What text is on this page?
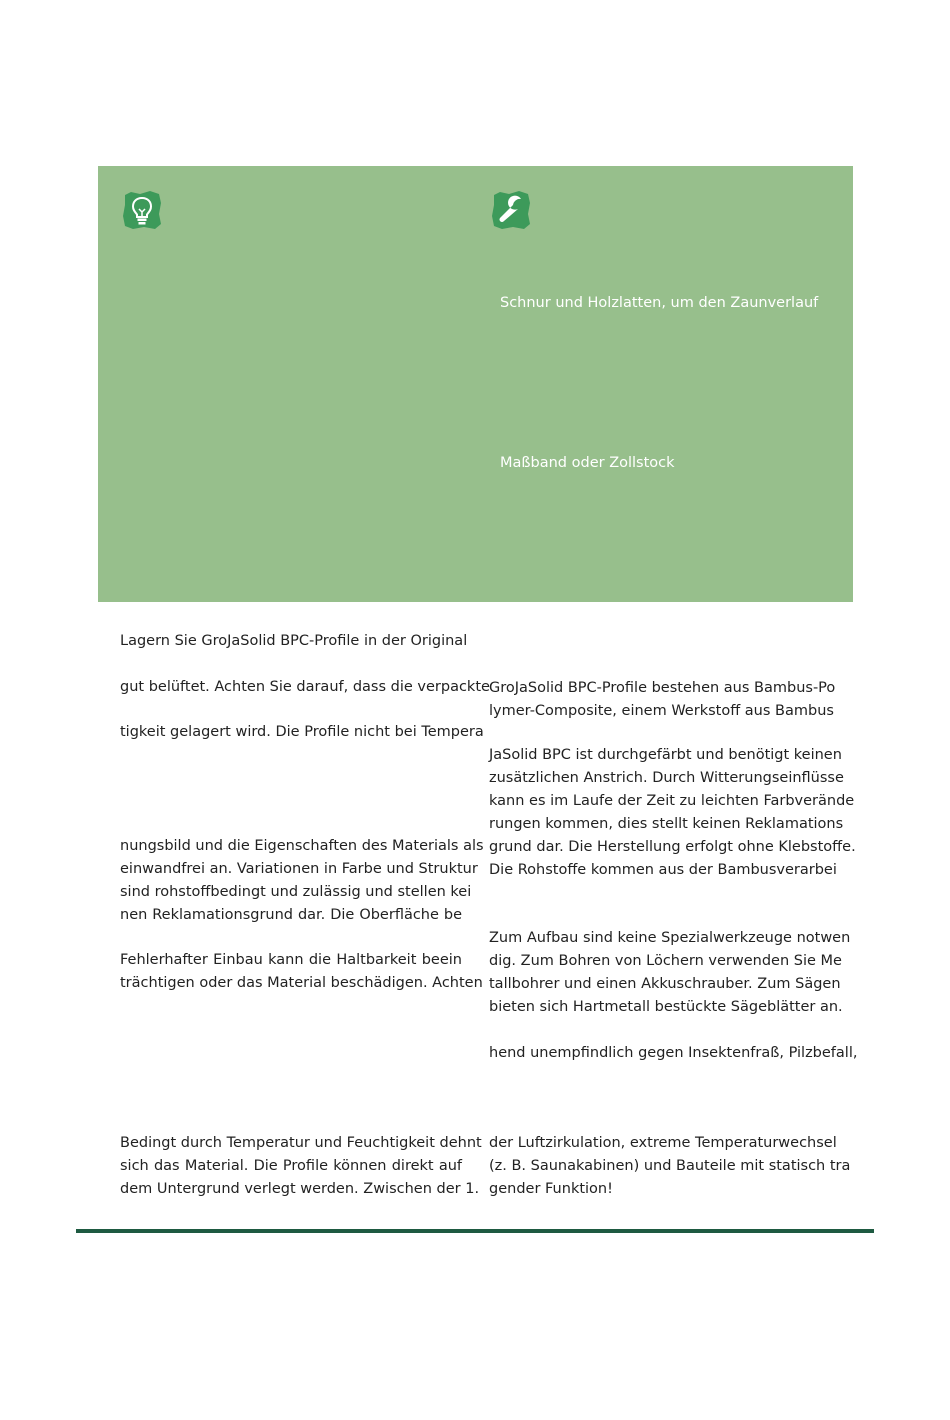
Schnur und Holzlatten, um den Zaunverlauf
Maßband oder Zollstock
Lagern Sie GroJaSolid BPC-Profile in der Original
gut belüftet. Achten Sie darauf, dass die verpackte
tigkeit gelagert wird. Die Profile nicht bei Tempera
nungsbild und die Eigenschaften des Materials als
einwandfrei an. Variationen in Farbe und Struktur
sind rohstoffbedingt und zulässig und stellen kei
nen Reklamationsgrund dar. Die Oberfläche be
Fehlerhafter Einbau kann die Haltbarkeit beein
trächtigen oder das Material beschädigen. Achten
Bedingt durch Temperatur und Feuchtigkeit dehnt
sich das Material. Die Profile können direkt auf
dem Untergrund verlegt werden. Zwischen der 1.
GroJaSolid BPC-Profile bestehen aus Bambus-Po
lymer-Composite, einem Werkstoff aus Bambus
JaSolid BPC ist durchgefärbt und benötigt keinen
zusätzlichen Anstrich. Durch Witterungseinflüsse
kann es im Laufe der Zeit zu leichten Farbverände
rungen kommen, dies stellt keinen Reklamations
grund dar. Die Herstellung erfolgt ohne Klebstoffe.
Die Rohstoffe kommen aus der Bambusverarbei
Zum Aufbau sind keine Spezialwerkzeuge notwen
dig. Zum Bohren von Löchern verwenden Sie Me
tallbohrer und einen Akkuschrauber. Zum Sägen
bieten sich Hartmetall bestückte Sägeblätter an.
hend unempfindlich gegen Insektenfraß, Pilzbefall,
der Luftzirkulation, extreme Temperaturwechsel
(z. B. Saunakabinen) und Bauteile mit statisch tra
gender Funktion!
